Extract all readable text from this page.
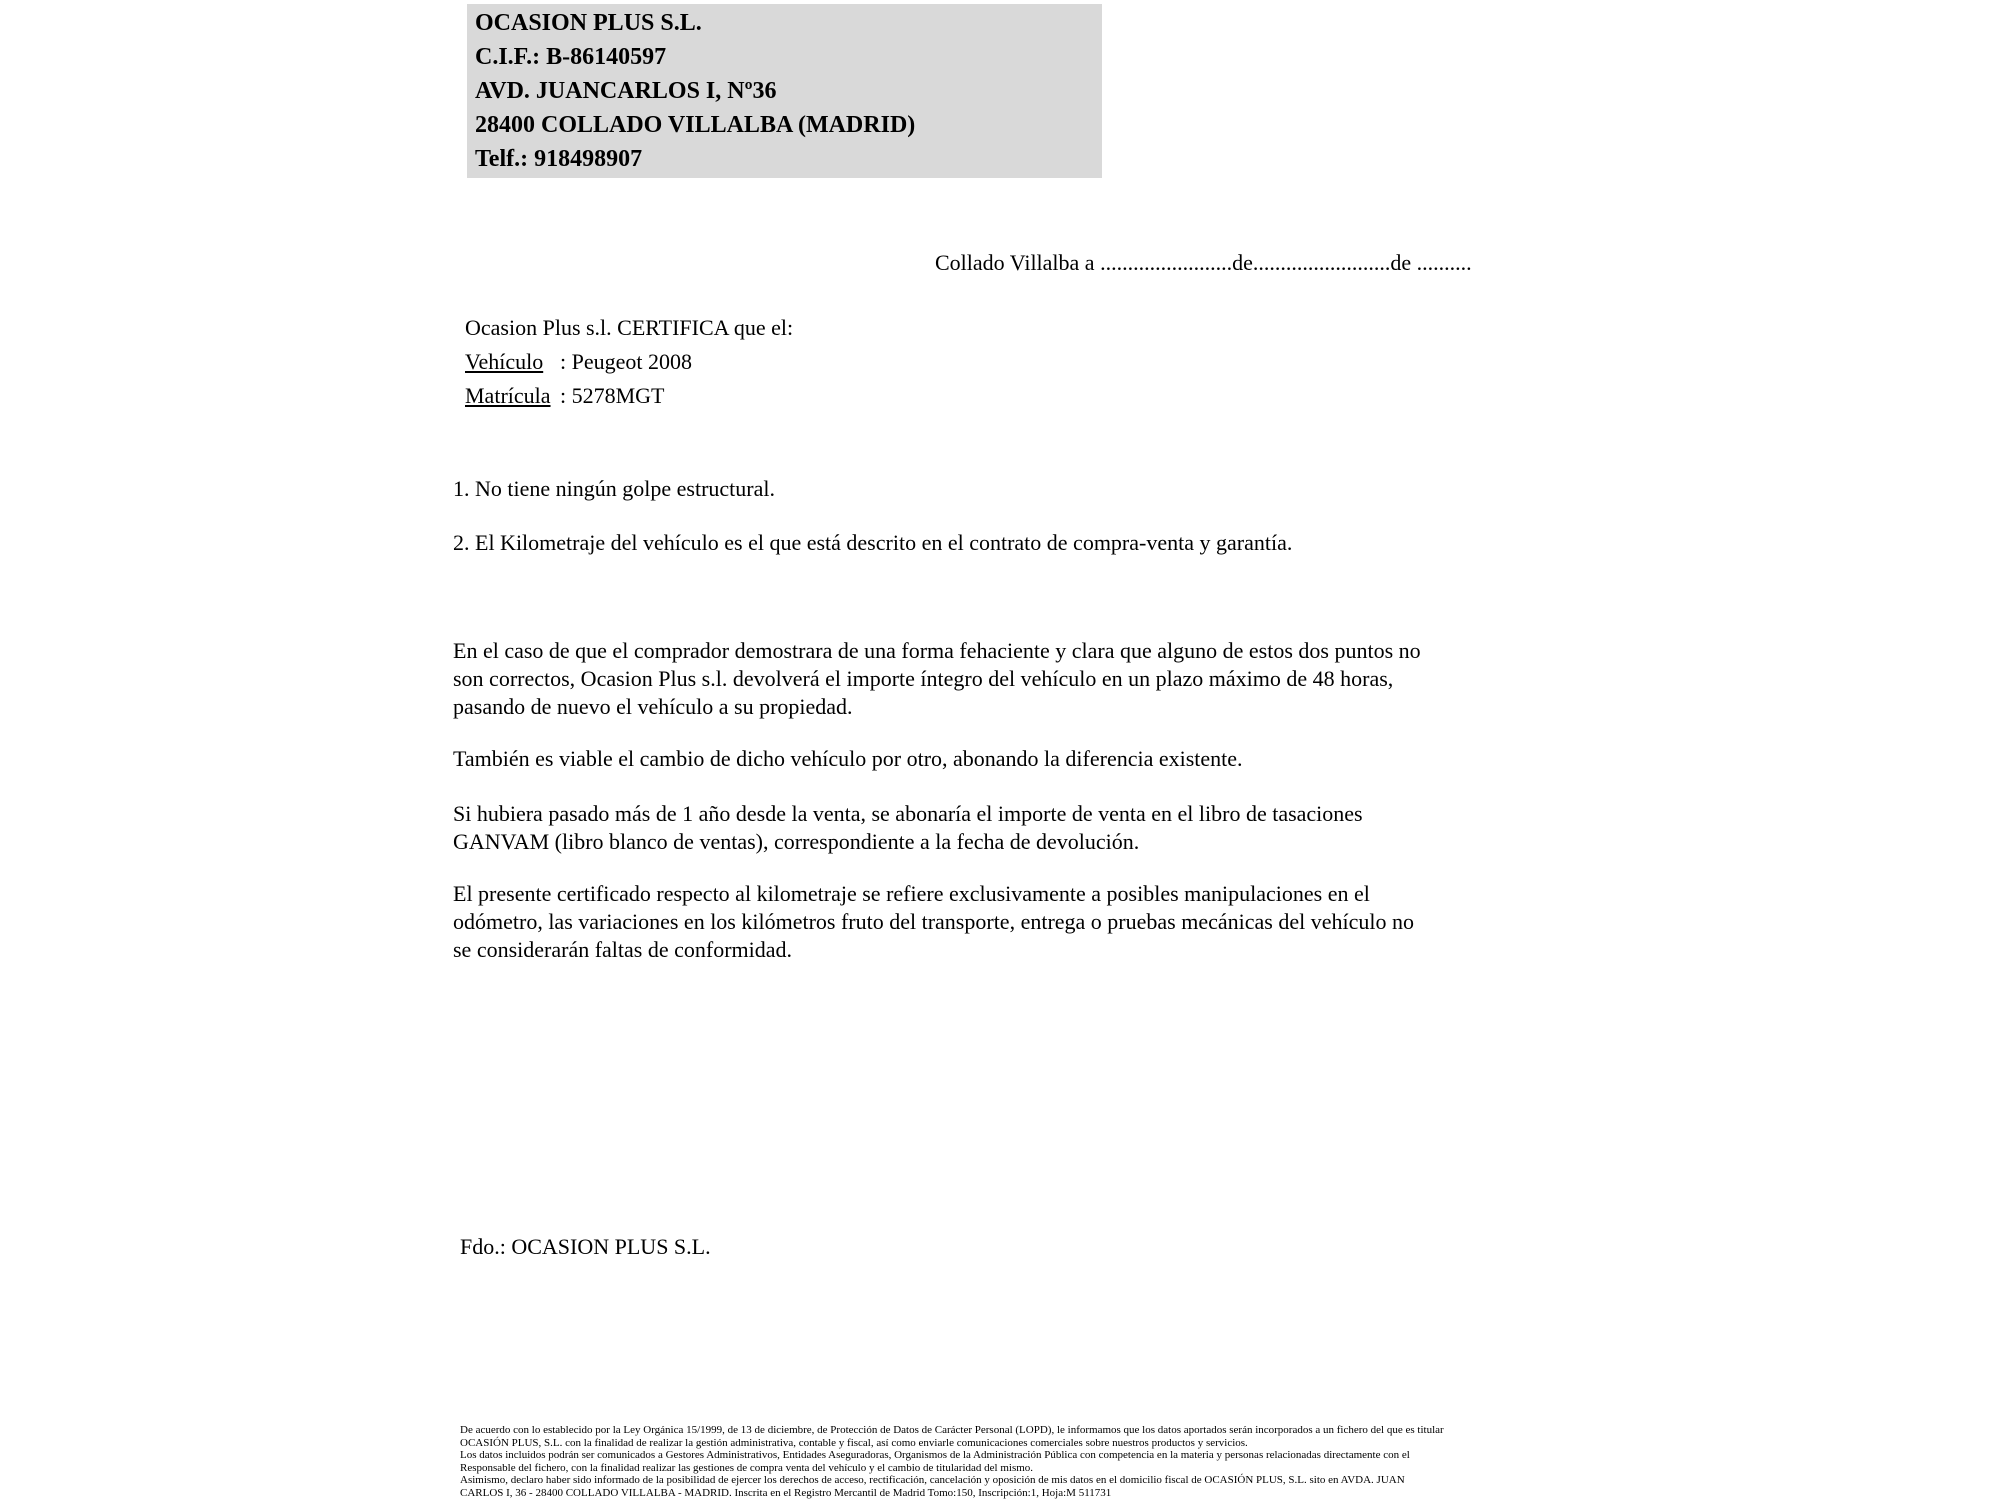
OCASION PLUS S.L.
C.I.F.: B-86140597
AVD. JUANCARLOS I, Nº36
28400 COLLADO VILLALBA (MADRID)
Telf.: 918498907
Collado Villalba a ........................de.........................de ..........
Ocasion Plus s.l. CERTIFICA que el:
Vehículo : Peugeot 2008
Matrícula : 5278MGT
1. No tiene ningún golpe estructural.
2. El Kilometraje del vehículo es el que está descrito en el contrato de compra-venta y garantía.
En el caso de que el comprador demostrara de una forma fehaciente y clara que alguno de estos dos puntos no
son correctos, Ocasion Plus s.l. devolverá el importe íntegro del vehículo en un plazo máximo de 48 horas,
pasando de nuevo el vehículo a su propiedad.
También es viable el cambio de dicho vehículo por otro, abonando la diferencia existente.
Si hubiera pasado más de 1 año desde la venta, se abonaría el importe de venta en el libro de tasaciones
GANVAM (libro blanco de ventas), correspondiente a la fecha de devolución.
El presente certificado respecto al kilometraje se refiere exclusivamente a posibles manipulaciones en el
odómetro, las variaciones en los kilómetros fruto del transporte, entrega o pruebas mecánicas del vehículo no
se considerarán faltas de conformidad.
Fdo.: OCASION PLUS S.L.
De acuerdo con lo establecido por la Ley Orgánica 15/1999, de 13 de diciembre, de Protección de Datos de Carácter Personal (LOPD), le informamos que los datos aportados serán incorporados a un fichero del que es titular
OCASIÓN PLUS, S.L. con la finalidad de realizar la gestión administrativa, contable y fiscal, así como enviarle comunicaciones comerciales sobre nuestros productos y servicios.
Los datos incluidos podrán ser comunicados a Gestores Administrativos, Entidades Aseguradoras, Organismos de la Administración Pública con competencia en la materia y personas relacionadas directamente con el
Responsable del fichero, con la finalidad realizar las gestiones de compra venta del vehículo y el cambio de titularidad del mismo.
Asimismo, declaro haber sido informado de la posibilidad de ejercer los derechos de acceso, rectificación, cancelación y oposición de mis datos en el domicilio fiscal de OCASIÓN PLUS, S.L. sito en AVDA. JUAN
CARLOS I, 36 - 28400 COLLADO VILLALBA - MADRID. Inscrita en el Registro Mercantil de Madrid Tomo:150, Inscripción:1, Hoja:M 511731
